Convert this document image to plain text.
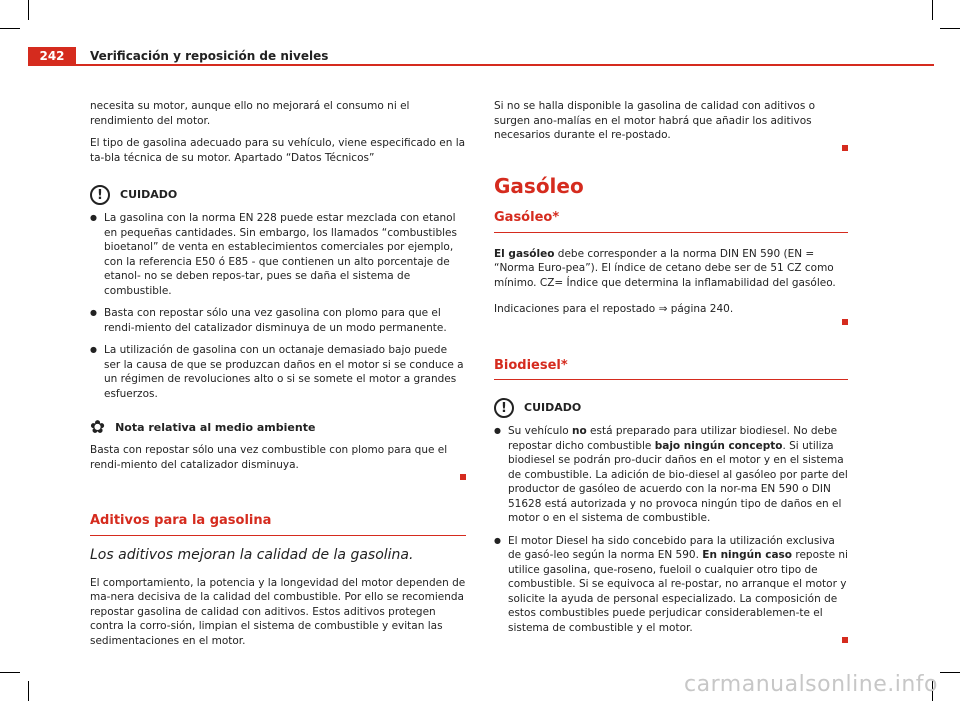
242	Verificación y reposición de niveles

necesita su motor, aunque ello no mejorará el consumo ni el rendimiento del motor.

El tipo de gasolina adecuado para su vehículo, viene especificado en la ta-bla técnica de su motor. Apartado “Datos Técnicos”

!	CUIDADO

● La gasolina con la norma EN 228 puede estar mezclada con etanol en pequeñas cantidades. Sin embargo, los llamados “combustibles bioetanol” de venta en establecimientos comerciales por ejemplo, con la referencia E50 ó E85 - que contienen un alto porcentaje de etanol- no se deben repos-tar, pues se daña el sistema de combustible.

● Basta con repostar sólo una vez gasolina con plomo para que el rendi-miento del catalizador disminuya de un modo permanente.

● La utilización de gasolina con un octanaje demasiado bajo puede ser la causa de que se produzcan daños en el motor si se conduce a un régimen de revoluciones alto o si se somete el motor a grandes esfuerzos.

✿ Nota relativa al medio ambiente

Basta con repostar sólo una vez combustible con plomo para que el rendi-miento del catalizador disminuya.

Aditivos para la gasolina
Los aditivos mejoran la calidad de la gasolina.

El comportamiento, la potencia y la longevidad del motor dependen de ma-nera decisiva de la calidad del combustible. Por ello se recomienda repostar gasolina de calidad con aditivos. Estos aditivos protegen contra la corro-sión, limpian el sistema de combustible y evitan las sedimentaciones en el motor.

Si no se halla disponible la gasolina de calidad con aditivos o surgen ano-malías en el motor habrá que añadir los aditivos necesarios durante el re-postado.

Gasóleo
Gasóleo*

El gasóleo debe corresponder a la norma DIN EN 590 (EN = “Norma Euro-pea”). El índice de cetano debe ser de 51 CZ como mínimo. CZ= Índice que determina la inflamabilidad del gasóleo.

Indicaciones para el repostado ⇒ página 240.

Biodiesel*
!	CUIDADO

● Su vehículo no está preparado para utilizar biodiesel. No debe repostar dicho combustible bajo ningún concepto. Si utiliza biodiesel se podrán pro-ducir daños en el motor y en el sistema de combustible. La adición de bio-diesel al gasóleo por parte del productor de gasóleo de acuerdo con la nor-ma EN 590 o DIN 51628 está autorizada y no provoca ningún tipo de daños en el motor o en el sistema de combustible.

● El motor Diesel ha sido concebido para la utilización exclusiva de gasó-leo según la norma EN 590. En ningún caso reposte ni utilice gasolina, que-roseno, fueloil o cualquier otro tipo de combustible. Si se equivoca al re-postar, no arranque el motor y solicite la ayuda de personal especializado. La composición de estos combustibles puede perjudicar considerablemen-te el sistema de combustible y el motor.

carmanualsonline.info
